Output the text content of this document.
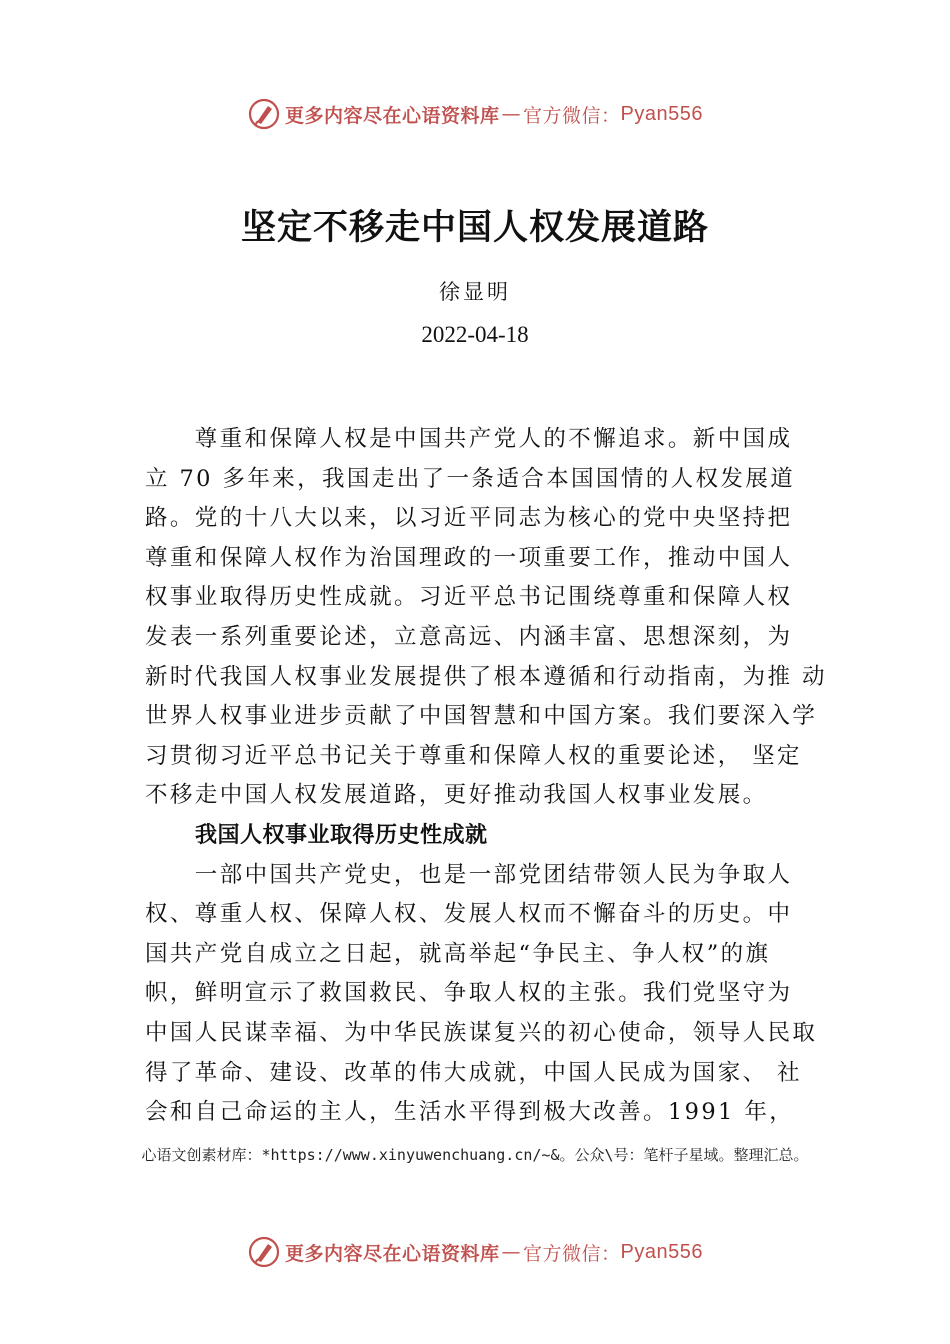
更多内容尽在心语资料库 — 官方微信： Pyan556
坚定不移走中国人权发展道路
徐显明
2022-04-18
　　尊重和保障人权是中国共产党人的不懈追求。新中国成
立 70 多年来，我国走出了一条适合本国国情的人权发展道
路。党的十八大以来，以习近平同志为核心的党中央坚持把
尊重和保障人权作为治国理政的一项重要工作，推动中国人
权事业取得历史性成就。习近平总书记围绕尊重和保障人权
发表一系列重要论述，立意高远、内涵丰富、思想深刻，为
新时代我国人权事业发展提供了根本遵循和行动指南，为推 动
世界人权事业进步贡献了中国智慧和中国方案。我们要深入学
习贯彻习近平总书记关于尊重和保障人权的重要论述， 坚定
不移走中国人权发展道路，更好推动我国人权事业发展。
我国人权事业取得历史性成就
　　一部中国共产党史，也是一部党团结带领人民为争取人
权、尊重人权、保障人权、发展人权而不懈奋斗的历史。中
国共产党自成立之日起，就高举起“争民主、争人权”的旗
帜，鲜明宣示了救国救民、争取人权的主张。我们党坚守为
中国人民谋幸福、为中华民族谋复兴的初心使命，领导人民取
得了革命、建设、改革的伟大成就，中国人民成为国家、 社
会和自己命运的主人，生活水平得到极大改善。1991 年，
心语文创素材库：*https://www.xinyuwenchuang.cn/~&。公众\号：笔杆子星域。整理汇总。
更多内容尽在心语资料库 — 官方微信： Pyan556
